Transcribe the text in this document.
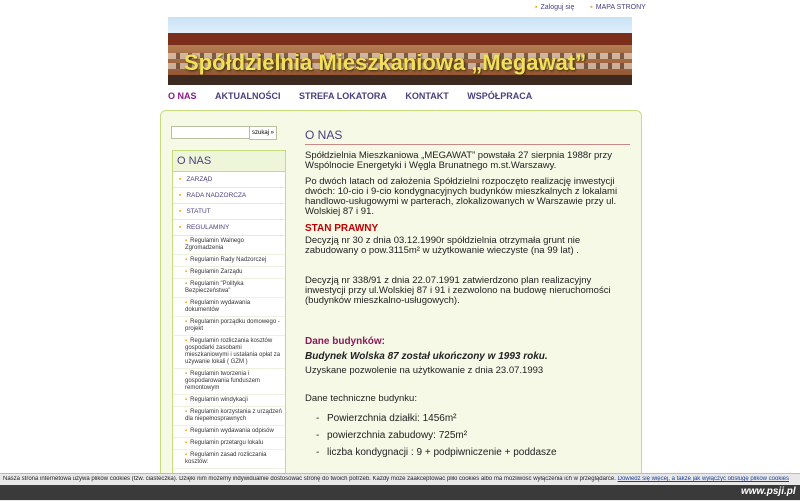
▪ Zaloguj się ▪ MAPA STRONY
Spółdzielnia Mieszkaniowa „Megawat”
O NAS AKTUALNOŚCI STREFA LOKATORA KONTAKT WSPÓŁPRACA
szukaj »
O NAS
▪ ZARZĄD
▪ RADA NADZORCZA
▪ STATUT
▪ REGULAMINY
▪ Regulamin Walnego Zgromadzenia
▪ Regulamin Rady Nadzorczej
▪ Regulamin Zarządu
▪ Regulamin "Polityka Bezpieczeństwa"
▪ Regulamin wydawania dokumentów
▪ Regulamin porządku domowego - projekt
▪ Regulamin rozliczania kosztów gospodarki zasobami mieszkaniowymi i ustalania opłat za używanie lokali ( GZM )
▪ Regulamin tworzenia i gospodarowania funduszem remontowym
▪ Regulamin windykacji
▪ Regulamin korzystania z urządzeń dla niepełnosprawnych
▪ Regulamin wydawania odpisów
▪ Regulamin przetargu lokalu
▪ Regulamin zasad rozliczania kosztów:
O NAS

Spółdzielnia Mieszkaniowa „MEGAWAT” powstała 27 sierpnia 1988r przy Wspólnocie Energetyki i Węgla Brunatnego m.st.Warszawy.

Po dwóch latach od założenia Spółdzielni rozpoczęto realizację inwestycji dwóch: 10-cio i 9-cio kondygnacyjnych budynków mieszkalnych z lokalami handlowo-usługowymi w parterach, zlokalizowanych w Warszawie przy ul. Wolskiej 87 i 91.

STAN PRAWNY

Decyzją nr 30 z dnia 03.12.1990r spółdzielnia otrzymała grunt nie zabudowany o pow.3115m² w użytkowanie wieczyste (na 99 lat) .

Decyzją nr 338/91 z dnia 22.07.1991 zatwierdzono plan realizacyjny inwestycji przy ul.Wolskiej 87 i 91 i zezwolono na budowę nieruchomości (budynków mieszkalno-usługowych).

Dane budynków:

Budynek Wolska 87 został ukończony w 1993 roku.

Uzyskane pozwolenie na użytkowanie z dnia 23.07.1993

Dane techniczne budynku:

- Powierzchnia działki: 1456m²
- powierzchnia zabudowy: 725m²
- liczba kondygnacji : 9 + podpiwniczenie + poddasze
Nasza strona internetowa używa plików cookies (tzw. ciasteczka). Dzięki nim możemy indywidualnie dostosować stronę do twoich potrzeb. Każdy może zaakceptować pliki cookies albo ma możliwość wyłączenia ich w przeglądarce. Dowiedz się więcej, a także jak wyłączyć obsługę plików cookies
www.psji.pl
